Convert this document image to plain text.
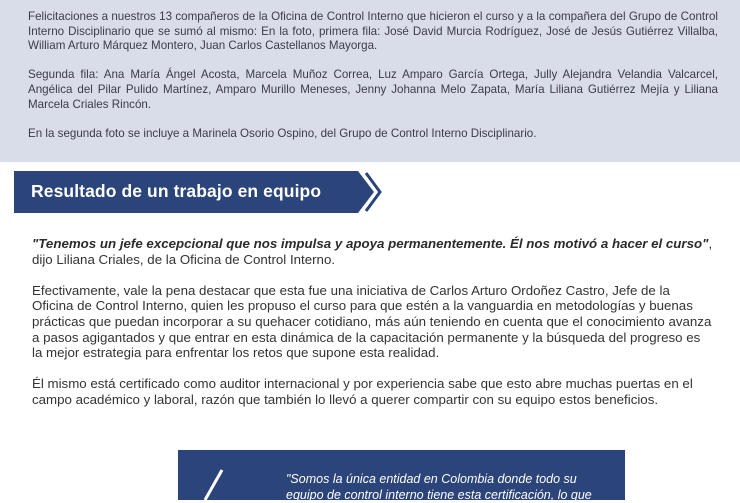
Felicitaciones a nuestros 13 compañeros de la Oficina de Control Interno que hicieron el curso y a la compañera del Grupo de Control Interno Disciplinario que se sumó al mismo: En la foto, primera fila: José David Murcia Rodríguez, José de Jesús Gutiérrez Villalba, William Arturo Márquez Montero, Juan Carlos Castellanos Mayorga.

Segunda fila: Ana María Ángel Acosta, Marcela Muñoz Correa, Luz Amparo García Ortega, Jully Alejandra Velandia Valcarcel, Angélica del Pilar Pulido Martínez, Amparo Murillo Meneses, Jenny Johanna Melo Zapata, María Liliana Gutiérrez Mejía y Liliana Marcela Criales Rincón.

En la segunda foto se incluye a Marinela Osorio Ospino, del Grupo de Control Interno Disciplinario.

Resultado de un trabajo en equipo

"Tenemos un jefe excepcional que nos impulsa y apoya permanentemente. Él nos motivó a hacer el curso", dijo Liliana Criales, de la Oficina de Control Interno.

Efectivamente, vale la pena destacar que esta fue una iniciativa de Carlos Arturo Ordoñez Castro, Jefe de la Oficina de Control Interno, quien les propuso el curso para que estén a la vanguardia en metodologías y buenas prácticas que puedan incorporar a su quehacer cotidiano, más aún teniendo en cuenta que el conocimiento avanza a pasos agigantados y que entrar en esta dinámica de la capacitación permanente y la búsqueda del progreso es la mejor estrategia para enfrentar los retos que supone esta realidad.

Él mismo está certificado como auditor internacional y por experiencia sabe que esto abre muchas puertas en el campo académico y laboral, razón que también lo llevó a querer compartir con su equipo estos beneficios.

"Somos la única entidad en Colombia donde todo su
equipo de control interno tiene esta certificación, lo que
